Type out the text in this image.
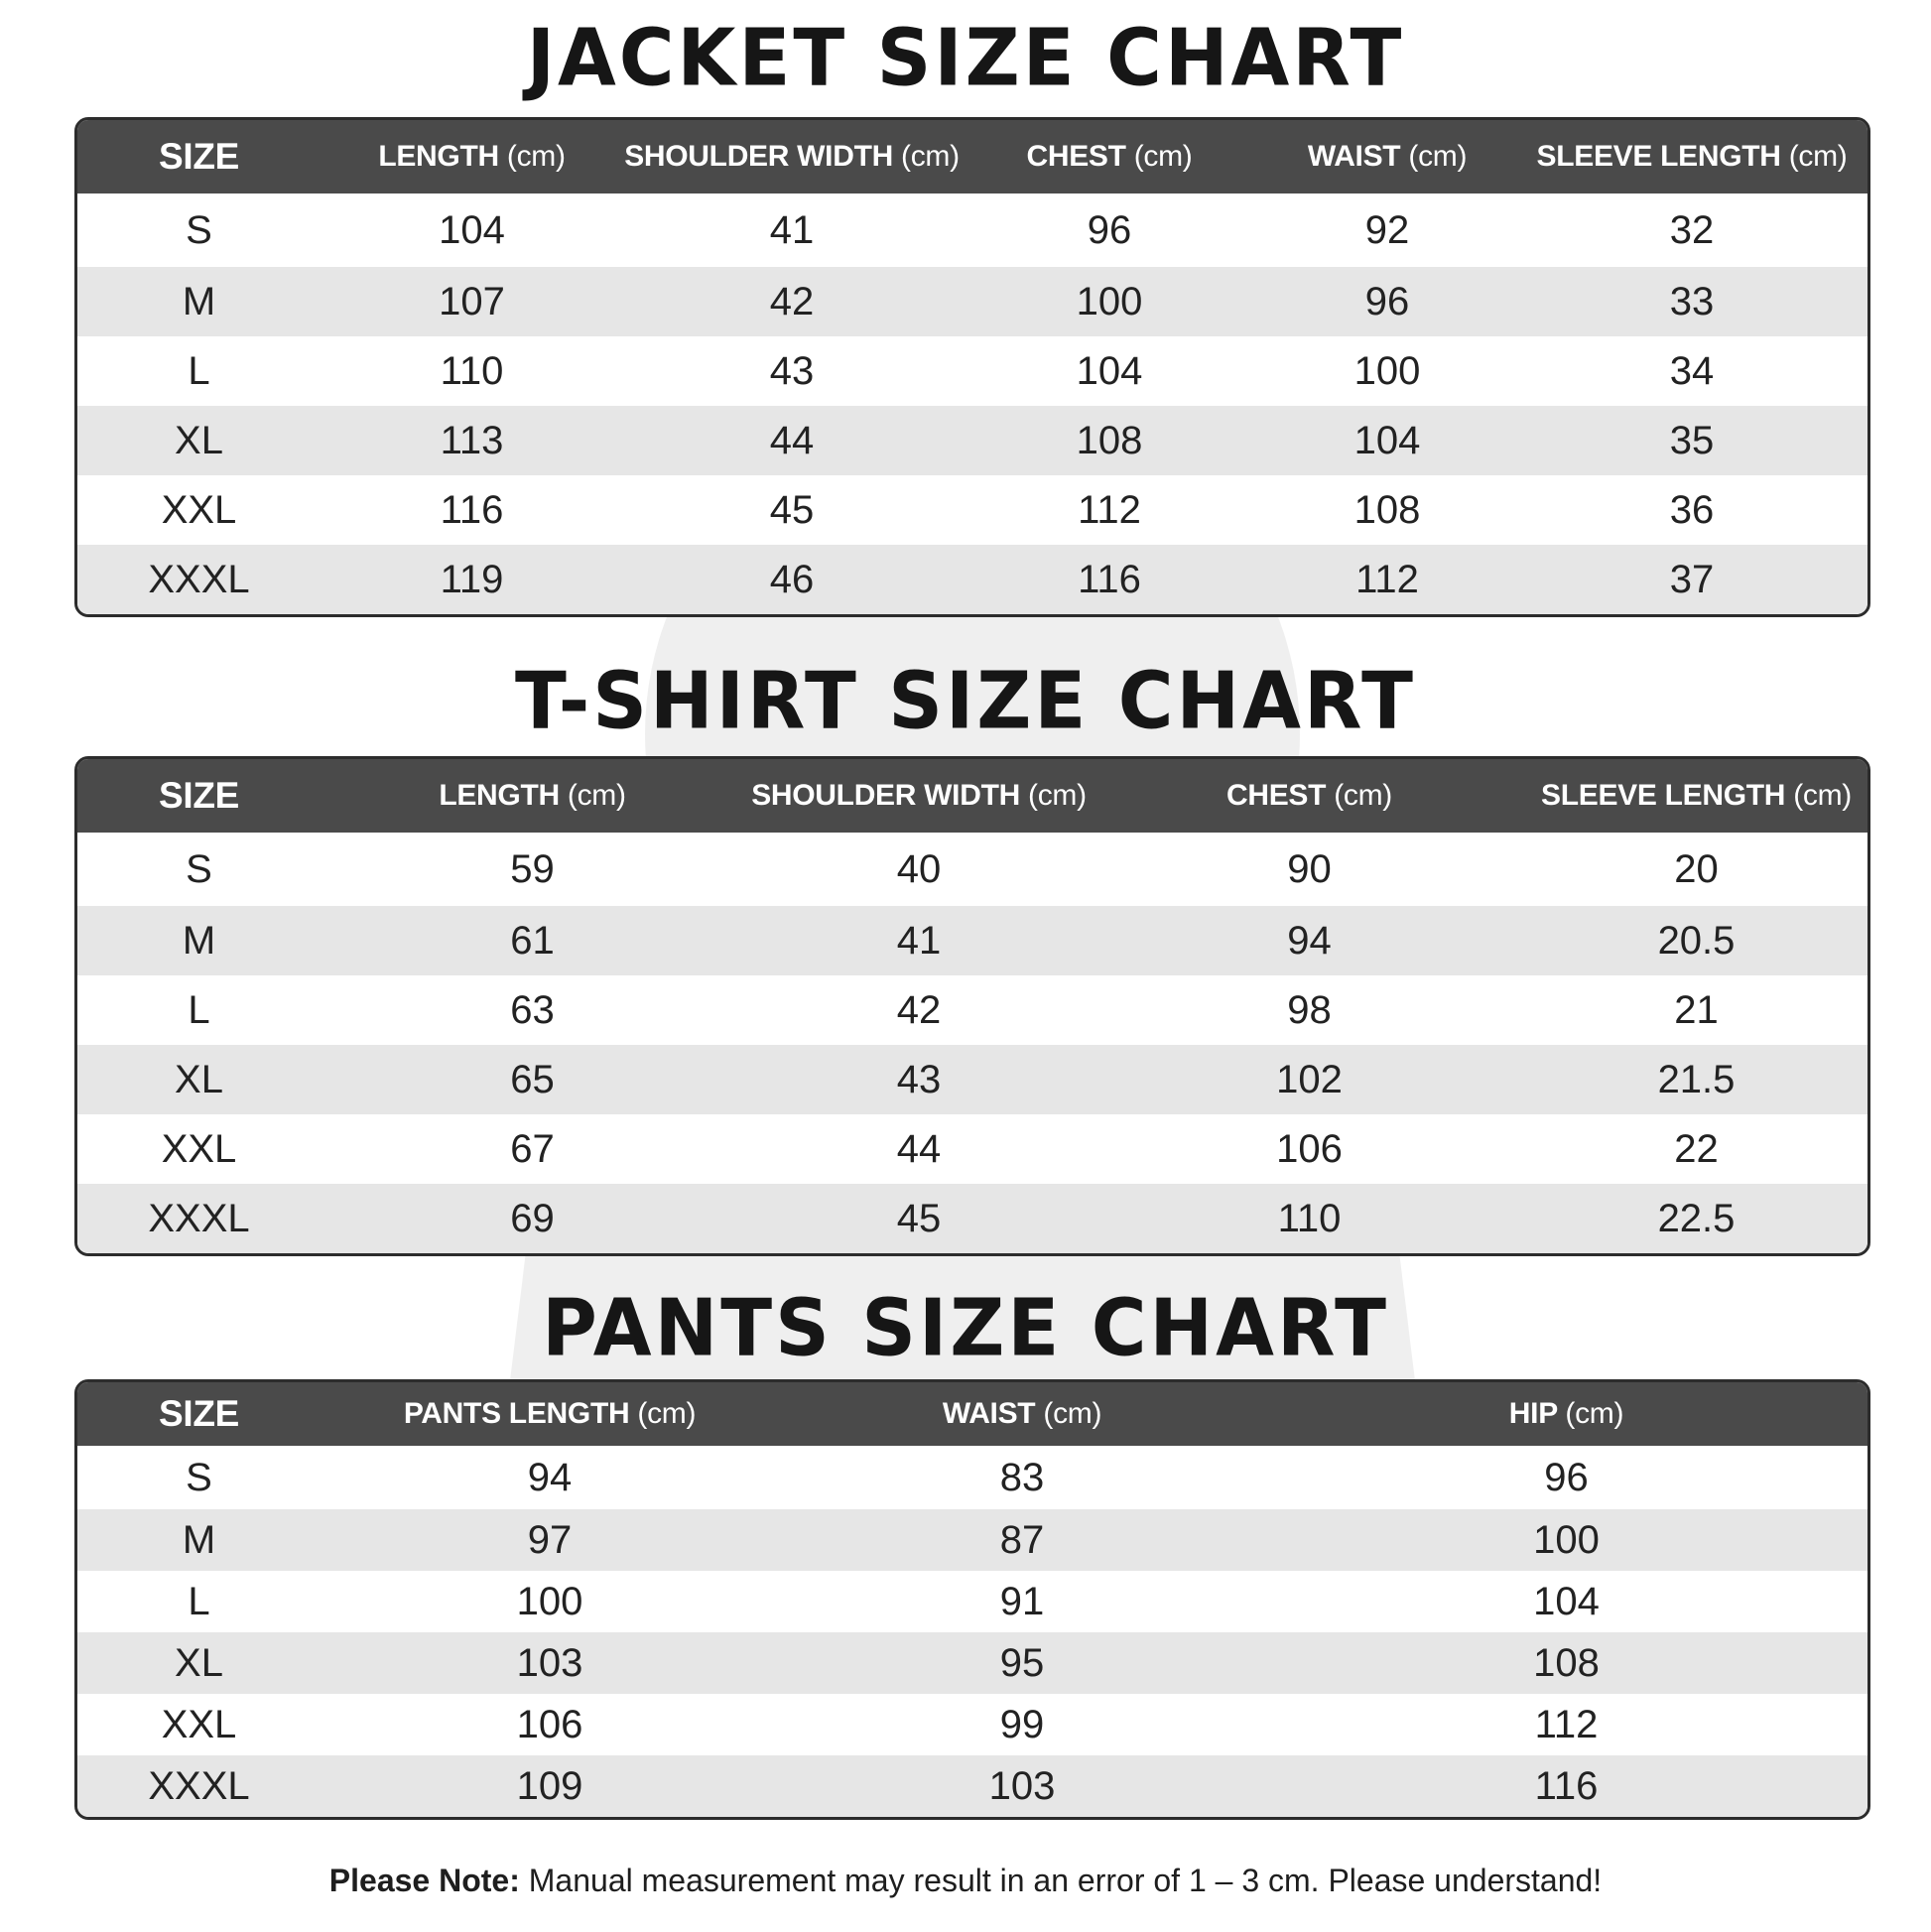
JACKET SIZE CHART
SIZE	LENGTH (cm)	SHOULDER WIDTH (cm)	CHEST (cm)	WAIST (cm)	SLEEVE LENGTH (cm)
S	104	41	96	92	32
M	107	42	100	96	33
L	110	43	104	100	34
XL	113	44	108	104	35
XXL	116	45	112	108	36
XXXL	119	46	116	112	37
T-SHIRT SIZE CHART
SIZE	LENGTH (cm)	SHOULDER WIDTH (cm)	CHEST (cm)	SLEEVE LENGTH (cm)
S	59	40	90	20
M	61	41	94	20.5
L	63	42	98	21
XL	65	43	102	21.5
XXL	67	44	106	22
XXXL	69	45	110	22.5
PANTS SIZE CHART
SIZE	PANTS LENGTH (cm)	WAIST (cm)	HIP (cm)
S	94	83	96
M	97	87	100
L	100	91	104
XL	103	95	108
XXL	106	99	112
XXXL	109	103	116
Please Note: Manual measurement may result in an error of 1 – 3 cm. Please understand!
